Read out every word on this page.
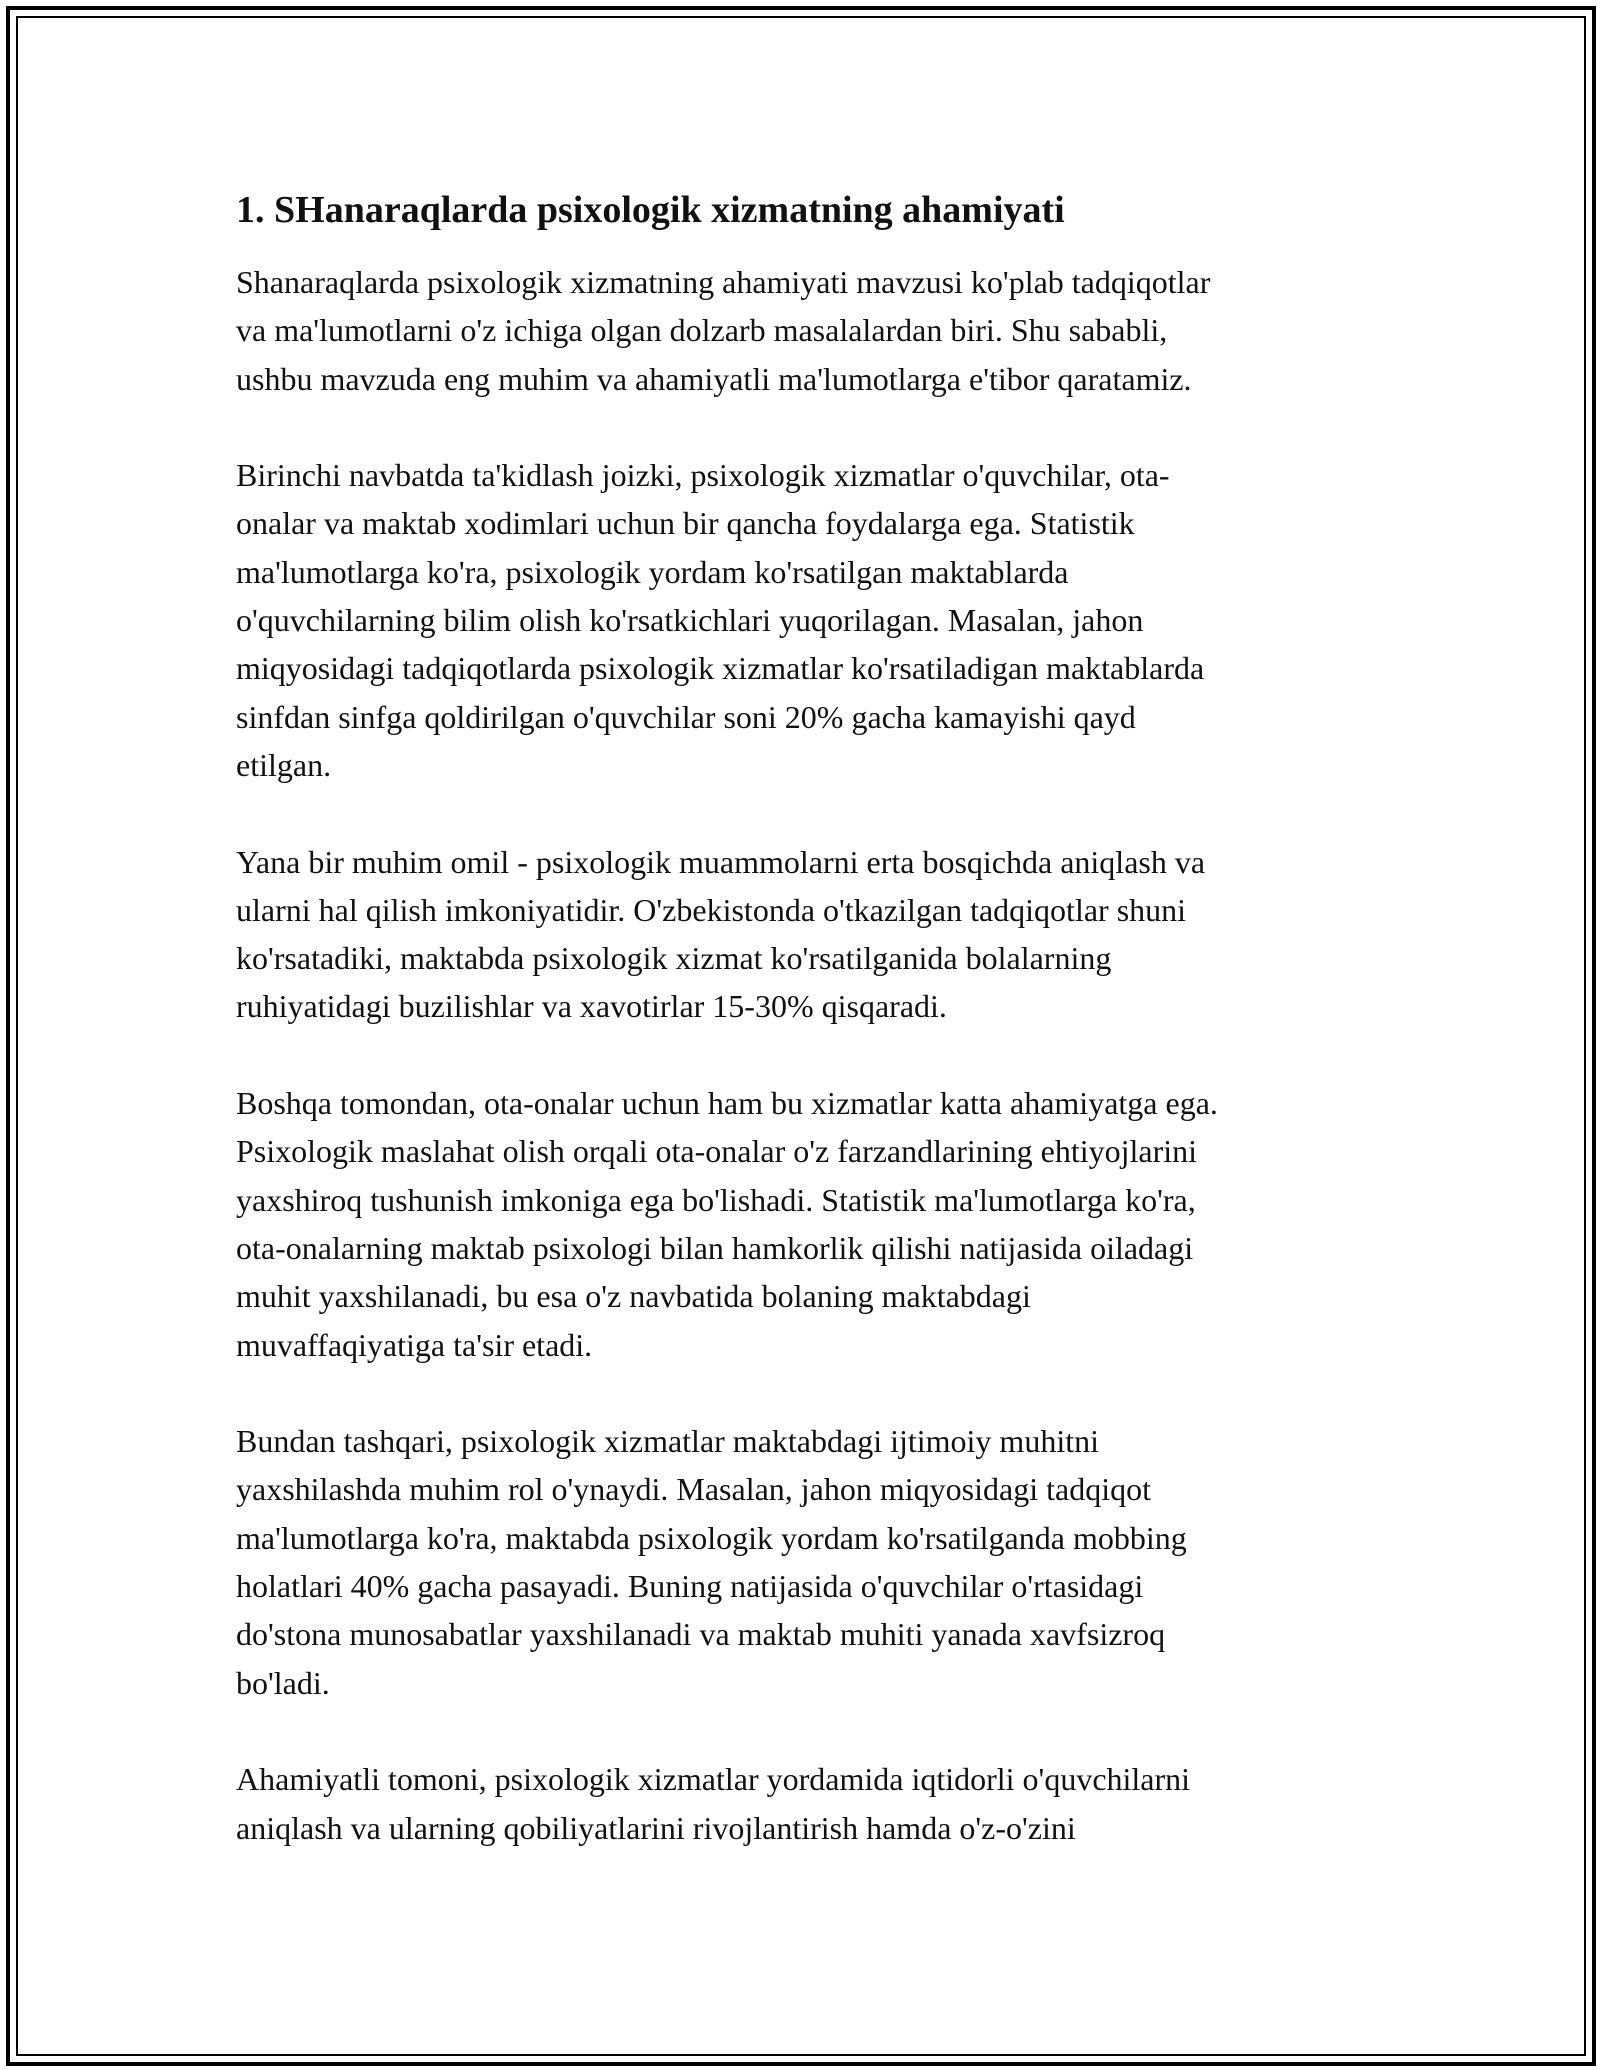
1. SHanaraqlarda psixologik xizmatning ahamiyati
Shanaraqlarda psixologik xizmatning ahamiyati mavzusi ko'plab tadqiqotlar
va ma'lumotlarni o'z ichiga olgan dolzarb masalalardan biri. Shu sababli,
ushbu mavzuda eng muhim va ahamiyatli ma'lumotlarga e'tibor qaratamiz.
Birinchi navbatda ta'kidlash joizki, psixologik xizmatlar o'quvchilar, ota-
onalar va maktab xodimlari uchun bir qancha foydalarga ega. Statistik
ma'lumotlarga ko'ra, psixologik yordam ko'rsatilgan maktablarda
o'quvchilarning bilim olish ko'rsatkichlari yuqorilagan. Masalan, jahon
miqyosidagi tadqiqotlarda psixologik xizmatlar ko'rsatiladigan maktablarda
sinfdan sinfga qoldirilgan o'quvchilar soni 20% gacha kamayishi qayd
etilgan.
Yana bir muhim omil - psixologik muammolarni erta bosqichda aniqlash va
ularni hal qilish imkoniyatidir. O'zbekistonda o'tkazilgan tadqiqotlar shuni
ko'rsatadiki, maktabda psixologik xizmat ko'rsatilganida bolalarning
ruhiyatidagi buzilishlar va xavotirlar 15-30% qisqaradi.
Boshqa tomondan, ota-onalar uchun ham bu xizmatlar katta ahamiyatga ega.
Psixologik maslahat olish orqali ota-onalar o'z farzandlarining ehtiyojlarini
yaxshiroq tushunish imkoniga ega bo'lishadi. Statistik ma'lumotlarga ko'ra,
ota-onalarning maktab psixologi bilan hamkorlik qilishi natijasida oiladagi
muhit yaxshilanadi, bu esa o'z navbatida bolaning maktabdagi
muvaffaqiyatiga ta'sir etadi.
Bundan tashqari, psixologik xizmatlar maktabdagi ijtimoiy muhitni
yaxshilashda muhim rol o'ynaydi. Masalan, jahon miqyosidagi tadqiqot
ma'lumotlarga ko'ra, maktabda psixologik yordam ko'rsatilganda mobbing
holatlari 40% gacha pasayadi. Buning natijasida o'quvchilar o'rtasidagi
do'stona munosabatlar yaxshilanadi va maktab muhiti yanada xavfsizroq
bo'ladi.
Ahamiyatli tomoni, psixologik xizmatlar yordamida iqtidorli o'quvchilarni
aniqlash va ularning qobiliyatlarini rivojlantirish hamda o'z-o'zini
